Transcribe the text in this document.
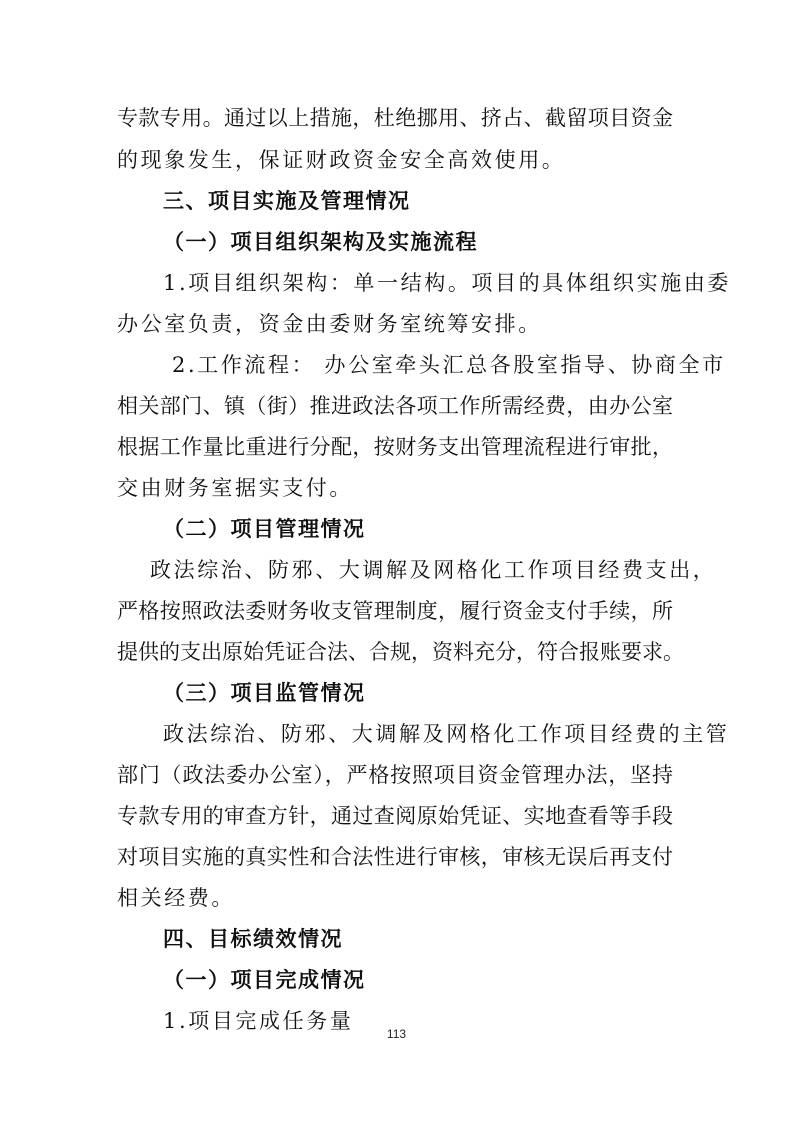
专款专用。通过以上措施，杜绝挪用、挤占、截留项目资金
的现象发生，保证财政资金安全高效使用。
三、项目实施及管理情况
（一）项目组织架构及实施流程
1.项目组织架构：单一结构。项目的具体组织实施由委
办公室负责，资金由委财务室统筹安排。
2.工作流程： 办公室牵头汇总各股室指导、协商全市
相关部门、镇（街）推进政法各项工作所需经费，由办公室
根据工作量比重进行分配，按财务支出管理流程进行审批，
交由财务室据实支付。
（二）项目管理情况
政法综治、防邪、大调解及网格化工作项目经费支出，
严格按照政法委财务收支管理制度，履行资金支付手续，所
提供的支出原始凭证合法、合规，资料充分，符合报账要求。
（三）项目监管情况
政法综治、防邪、大调解及网格化工作项目经费的主管
部门（政法委办公室），严格按照项目资金管理办法，坚持
专款专用的审查方针，通过查阅原始凭证、实地查看等手段
对项目实施的真实性和合法性进行审核，审核无误后再支付
相关经费。
四、目标绩效情况
（一）项目完成情况
1.项目完成任务量
113
